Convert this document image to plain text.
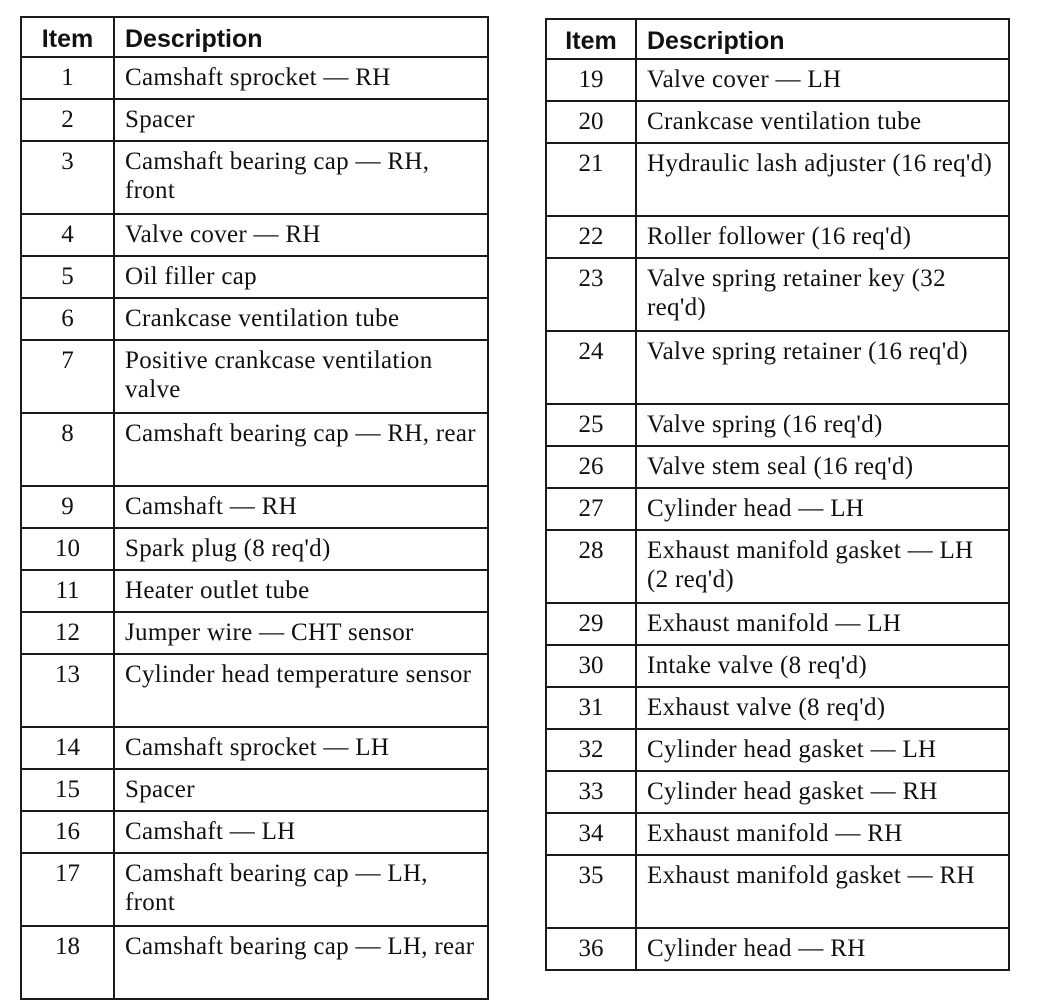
Item	Description
1	Camshaft sprocket — RH
2	Spacer
3	Camshaft bearing cap — RH, front
4	Valve cover — RH
5	Oil filler cap
6	Crankcase ventilation tube
7	Positive crankcase ventilation valve
8	Camshaft bearing cap — RH, rear
9	Camshaft — RH
10	Spark plug (8 req'd)
11	Heater outlet tube
12	Jumper wire — CHT sensor
13	Cylinder head temperature sensor
14	Camshaft sprocket — LH
15	Spacer
16	Camshaft — LH
17	Camshaft bearing cap — LH, front
18	Camshaft bearing cap — LH, rear
Item	Description
19	Valve cover — LH
20	Crankcase ventilation tube
21	Hydraulic lash adjuster (16 req'd)
22	Roller follower (16 req'd)
23	Valve spring retainer key (32 req'd)
24	Valve spring retainer (16 req'd)
25	Valve spring (16 req'd)
26	Valve stem seal (16 req'd)
27	Cylinder head — LH
28	Exhaust manifold gasket — LH (2 req'd)
29	Exhaust manifold — LH
30	Intake valve (8 req'd)
31	Exhaust valve (8 req'd)
32	Cylinder head gasket — LH
33	Cylinder head gasket — RH
34	Exhaust manifold — RH
35	Exhaust manifold gasket — RH
36	Cylinder head — RH
